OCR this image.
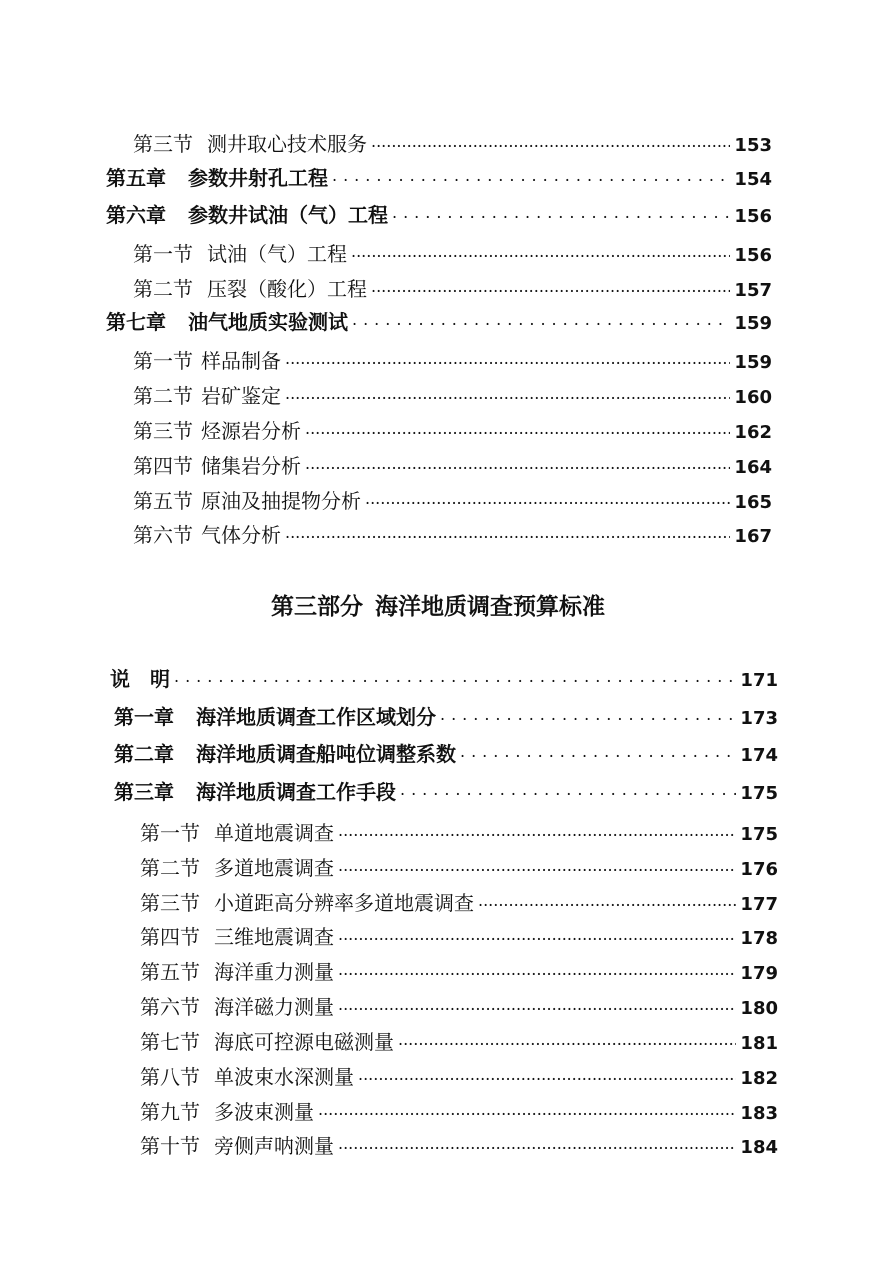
第三节 测井取心技术服务 .....	153
第五章 参数井射孔工程 .....	154
第六章 参数井试油（气）工程 .....	156
第一节 试油（气）工程 .....	156
第二节 压裂（酸化）工程 .....	157
第七章 油气地质实验测试 .....	159
第一节 样品制备 .....	159
第二节 岩矿鉴定 .....	160
第三节 烃源岩分析 .....	162
第四节 储集岩分析 .....	164
第五节 原油及抽提物分析 .....	165
第六节 气体分析 .....	167
第三部分 海洋地质调查预算标准
说　明 .....	171
第一章 海洋地质调查工作区域划分 .....	173
第二章 海洋地质调查船吨位调整系数 .....	174
第三章 海洋地质调查工作手段 .....	175
第一节 单道地震调查 .....	175
第二节 多道地震调查 .....	176
第三节 小道距高分辨率多道地震调查 .....	177
第四节 三维地震调查 .....	178
第五节 海洋重力测量 .....	179
第六节 海洋磁力测量 .....	180
第七节 海底可控源电磁测量 .....	181
第八节 单波束水深测量 .....	182
第九节 多波束测量 .....	183
第十节 旁侧声呐测量 .....	184
